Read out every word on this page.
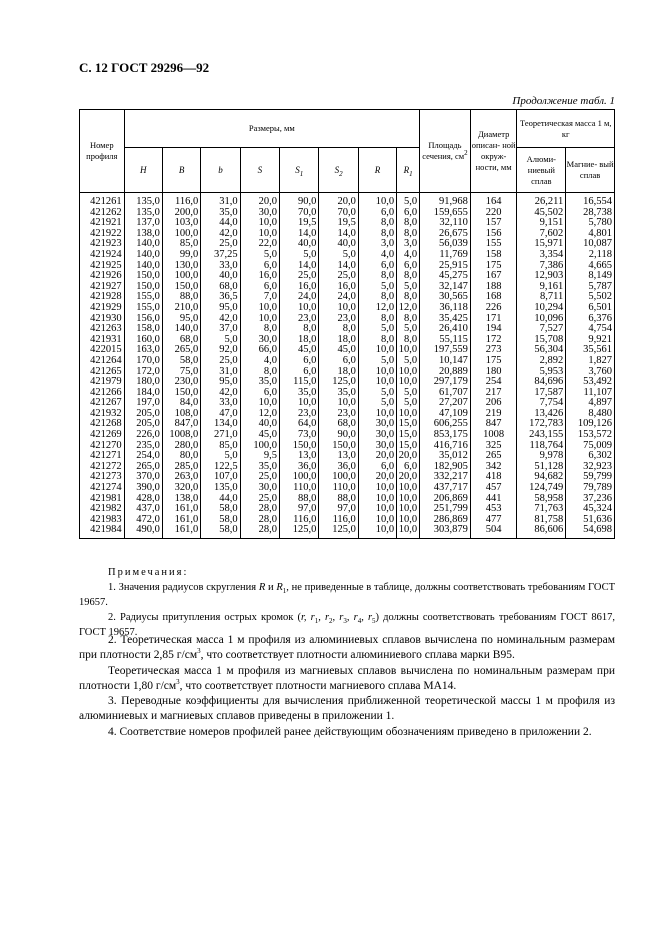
С. 12 ГОСТ 29296—92
Продолжение табл. 1
Номер профиля	Размеры, мм								Площадь сечения, $см^2$	Диаметр описан- ной окруж- ности, мм	Теоретическая масса 1 м, кг	
	H	B	b	S	$S_1$	$S_2$	R	$R_1$			Алюми- ниевый сплав	Магние- вый сплав
421261	135,0	116,0	31,0	20,0	90,0	20,0	10,0	5,0	91,968	164	26,211	16,554
421262	135,0	200,0	35,0	30,0	70,0	70,0	6,0	6,0	159,655	220	45,502	28,738
421921	137,0	103,0	44,0	10,0	19,5	19,5	8,0	8,0	32,110	157	9,151	5,780
421922	138,0	100,0	42,0	10,0	14,0	14,0	8,0	8,0	26,675	156	7,602	4,801
421923	140,0	85,0	25,0	22,0	40,0	40,0	3,0	3,0	56,039	155	15,971	10,087
421924	140,0	99,0	37,25	5,0	5,0	5,0	4,0	4,0	11,769	158	3,354	2,118
421925	140,0	130,0	33,0	6,0	14,0	14,0	6,0	6,0	25,915	175	7,386	4,665
421926	150,0	100,0	40,0	16,0	25,0	25,0	8,0	8,0	45,275	167	12,903	8,149
421927	150,0	150,0	68,0	6,0	16,0	16,0	5,0	5,0	32,147	188	9,161	5,787
421928	155,0	88,0	36,5	7,0	24,0	24,0	8,0	8,0	30,565	168	8,711	5,502
421929	155,0	210,0	95,0	10,0	10,0	10,0	12,0	12,0	36,118	226	10,294	6,501
421930	156,0	95,0	42,0	10,0	23,0	23,0	8,0	8,0	35,425	171	10,096	6,376
421263	158,0	140,0	37,0	8,0	8,0	8,0	5,0	5,0	26,410	194	7,527	4,754
421931	160,0	68,0	5,0	30,0	18,0	18,0	8,0	8,0	55,115	172	15,708	9,921
422015	163,0	265,0	92,0	66,0	45,0	45,0	10,0	10,0	197,559	273	56,304	35,561
421264	170,0	58,0	25,0	4,0	6,0	6,0	5,0	5,0	10,147	175	2,892	1,827
421265	172,0	75,0	31,0	8,0	6,0	18,0	10,0	10,0	20,889	180	5,953	3,760
421979	180,0	230,0	95,0	35,0	115,0	125,0	10,0	10,0	297,179	254	84,696	53,492
421266	184,0	150,0	42,0	6,0	35,0	35,0	5,0	5,0	61,707	217	17,587	11,107
421267	197,0	84,0	33,0	10,0	10,0	10,0	5,0	5,0	27,207	206	7,754	4,897
421932	205,0	108,0	47,0	12,0	23,0	23,0	10,0	10,0	47,109	219	13,426	8,480
421268	205,0	847,0	134,0	40,0	64,0	68,0	30,0	15,0	606,255	847	172,783	109,126
421269	226,0	1008,0	271,0	45,0	73,0	90,0	30,0	15,0	853,175	1008	243,155	153,572
421270	235,0	280,0	85,0	100,0	150,0	150,0	30,0	15,0	416,716	325	118,764	75,009
421271	254,0	80,0	5,0	9,5	13,0	13,0	20,0	20,0	35,012	265	9,978	6,302
421272	265,0	285,0	122,5	35,0	36,0	36,0	6,0	6,0	182,905	342	51,128	32,923
421273	370,0	263,0	107,0	25,0	100,0	100,0	20,0	20,0	332,217	418	94,682	59,799
421274	390,0	320,0	135,0	30,0	110,0	110,0	10,0	10,0	437,717	457	124,749	79,789
421981	428,0	138,0	44,0	25,0	88,0	88,0	10,0	10,0	206,869	441	58,958	37,236
421982	437,0	161,0	58,0	28,0	97,0	97,0	10,0	10,0	251,799	453	71,763	45,324
421983	472,0	161,0	58,0	28,0	116,0	116,0	10,0	10,0	286,869	477	81,758	51,636
421984	490,0	161,0	58,0	28,0	125,0	125,0	10,0	10,0	303,879	504	86,606	54,698

Примечания:

1. Значения радиусов скругления R и $R_1$, не приведенные в таблице, должны соответствовать требованиям ГОСТ 19657.

2. Радиусы притупления острых кромок (r, $r_1$, $r_2$, $r_3$, $r_4$, $r_5$) должны соответствовать требованиям ГОСТ 8617, ГОСТ 19657.

2. Теоретическая масса 1 м профиля из алюминиевых сплавов вычислена по номинальным размерам при плотности 2,85 $г/см^3$, что соответствует плотности алюминиевого сплава марки В95.

Теоретическая масса 1 м профиля из магниевых сплавов вычислена по номинальным размерам при плотности 1,80 $г/см^3$, что соответствует плотности магниевого сплава МА14.

3. Переводные коэффициенты для вычисления приближенной теоретической массы 1 м профиля из алюминиевых и магниевых сплавов приведены в приложении 1.

4. Соответствие номеров профилей ранее действующим обозначениям приведено в приложении 2.
